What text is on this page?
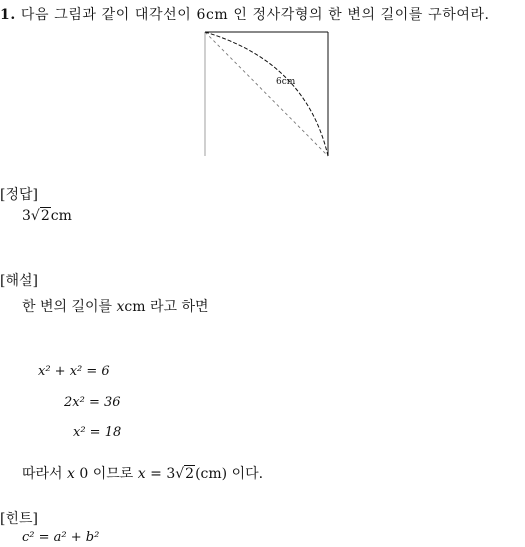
1. 다음 그림과 같이 대각선이 6cm 인 정사각형의 한 변의 길이를 구하여라.
6cm
[정답]
3√2cm
[해설]
한 변의 길이를 xcm 라고 하면
x² + x² = 6
2x² = 36
x² = 18
따라서 x 0 이므로 x = 3√2(cm) 이다.
[힌트]
c² = a² + b²
